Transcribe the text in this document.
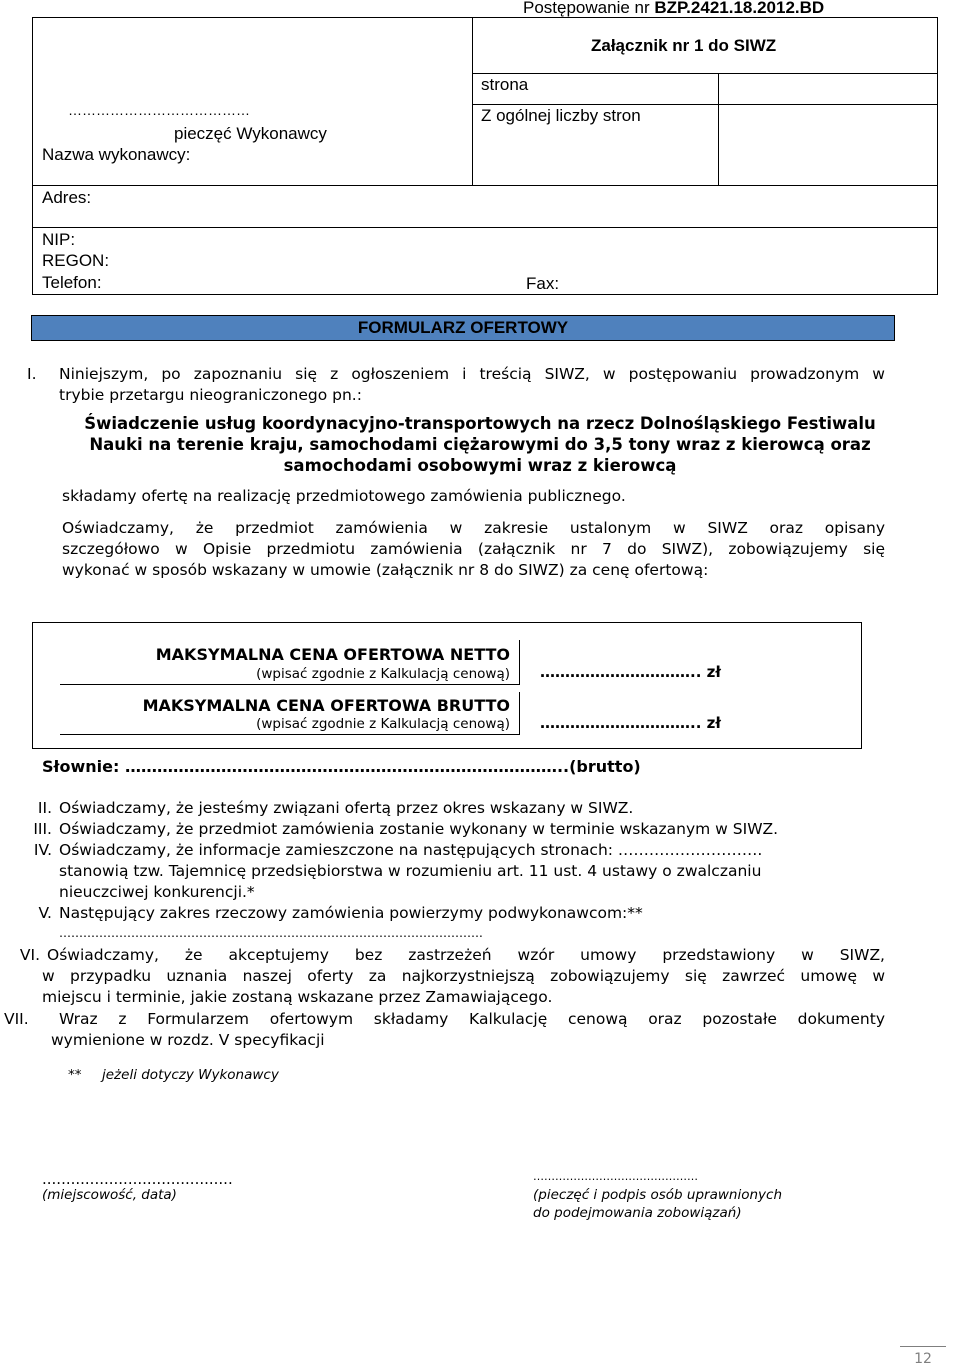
Postępowanie nr BZP.2421.18.2012.BD
Załącznik nr 1 do SIWZ
strona
Z ogólnej liczby stron
…………………………………
pieczęć Wykonawcy
Nazwa wykonawcy:
Adres:
NIP:
REGON:
Telefon:	Fax:
FORMULARZ OFERTOWY
I. Niniejszym, po zapoznaniu się z ogłoszeniem i treścią SIWZ, w postępowaniu prowadzonym w
trybie przetargu nieograniczonego pn.:
Świadczenie usług koordynacyjno-transportowych na rzecz Dolnośląskiego Festiwalu
Nauki na terenie kraju, samochodami ciężarowymi do 3,5 tony wraz z kierowcą oraz
samochodami osobowymi wraz z kierowcą
składamy ofertę na realizację przedmiotowego zamówienia publicznego.
Oświadczamy, że przedmiot zamówienia w zakresie ustalonym w SIWZ oraz opisany
szczegółowo w Opisie przedmiotu zamówienia (załącznik nr 7 do SIWZ), zobowiązujemy się
wykonać w sposób wskazany w umowie (załącznik nr 8 do SIWZ) za cenę ofertową:
MAKSYMALNA CENA OFERTOWA NETTO
(wpisać zgodnie z Kalkulacją cenową) ………………………….. zł
MAKSYMALNA CENA OFERTOWA BRUTTO
(wpisać zgodnie z Kalkulacją cenową) ………………………….. zł
Słownie: ………………………………………………………………………..(brutto)
II. Oświadczamy, że jesteśmy związani ofertą przez okres wskazany w SIWZ.
III. Oświadczamy, że przedmiot zamówienia zostanie wykonany w terminie wskazanym w SIWZ.
IV. Oświadczamy, że informacje zamieszczone na następujących stronach: ……………………….
stanowią tzw. Tajemnicę przedsiębiorstwa w rozumieniu art. 11 ust. 4 ustawy o zwalczaniu
nieuczciwej konkurencji.*
V. Następujący zakres rzeczowy zamówienia powierzymy podwykonawcom:**
…………………………………………………………………………………………….
VI. Oświadczamy, że akceptujemy bez zastrzeżeń wzór umowy przedstawiony w SIWZ,
w przypadku uznania naszej oferty za najkorzystniejszą zobowiązujemy się zawrzeć umowę w
miejscu i terminie, jakie zostaną wskazane przez Zamawiającego.
VII. Wraz z Formularzem ofertowym składamy Kalkulację cenową oraz pozostałe dokumenty
wymienione w rozdz. V specyfikacji
** jeżeli dotyczy Wykonawcy
........................................
(miejscowość, data)
………………………………………
(pieczęć i podpis osób uprawnionych
do podejmowania zobowiązań)
12
